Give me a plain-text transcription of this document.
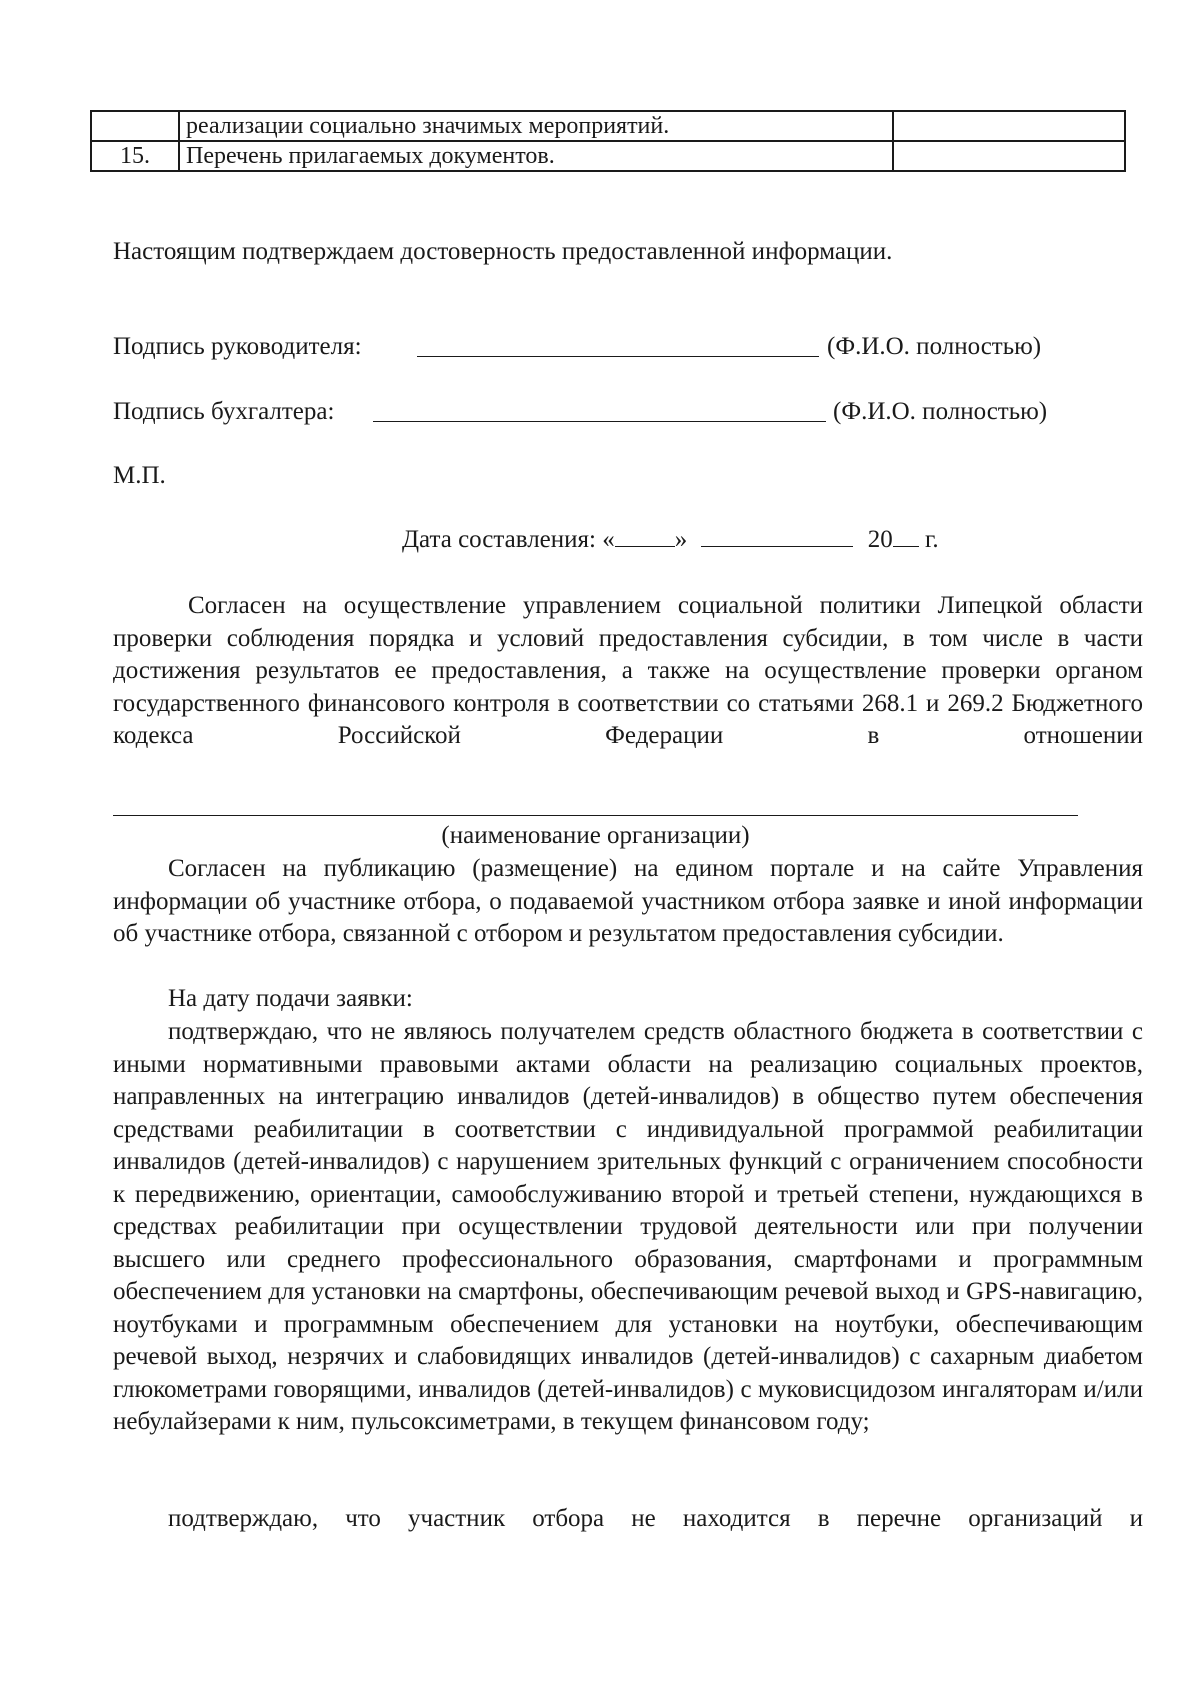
	реализации социально значимых мероприятий.	
15.	Перечень прилагаемых документов.	
Настоящим подтверждаем достоверность предоставленной информации.
Подпись руководителя:	(Ф.И.О. полностью)
Подпись бухгалтера:	(Ф.И.О. полностью)
М.П.
Дата составления: « »	20 г.

Согласен на осуществление управлением социальной политики Липецкой области проверки соблюдения порядка и условий предоставления субсидии, в том числе в части достижения результатов ее предоставления, а также на осуществление проверки органом государственного финансового контроля в соответствии со статьями 268.1 и 269.2 Бюджетного кодекса Российской Федерации в отношении

(наименование организации)

Согласен на публикацию (размещение) на едином портале и на сайте Управления информации об участнике отбора, о подаваемой участником отбора заявке и иной информации об участнике отбора, связанной с отбором и результатом предоставления субсидии.

На дату подачи заявки:

подтверждаю, что не являюсь получателем средств областного бюджета в соответствии с иными нормативными правовыми актами области на реализацию социальных проектов, направленных на интеграцию инвалидов (детей-инвалидов) в общество путем обеспечения средствами реабилитации в соответствии с индивидуальной программой реабилитации инвалидов (детей-инвалидов) с нарушением зрительных функций с ограничением способности к передвижению, ориентации, самообслуживанию второй и третьей степени, нуждающихся в средствах реабилитации при осуществлении трудовой деятельности или при получении высшего или среднего профессионального образования, смартфонами и программным обеспечением для установки на смартфоны, обеспечивающим речевой выход и GPS-навигацию, ноутбуками и программным обеспечением для установки на ноутбуки, обеспечивающим речевой выход, незрячих и слабовидящих инвалидов (детей-инвалидов) с сахарным диабетом глюкометрами говорящими, инвалидов (детей-инвалидов) с муковисцидозом ингаляторам и/или небулайзерами к ним, пульсоксиметрами, в текущем финансовом году;

подтверждаю, что участник отбора не находится в перечне организаций и
